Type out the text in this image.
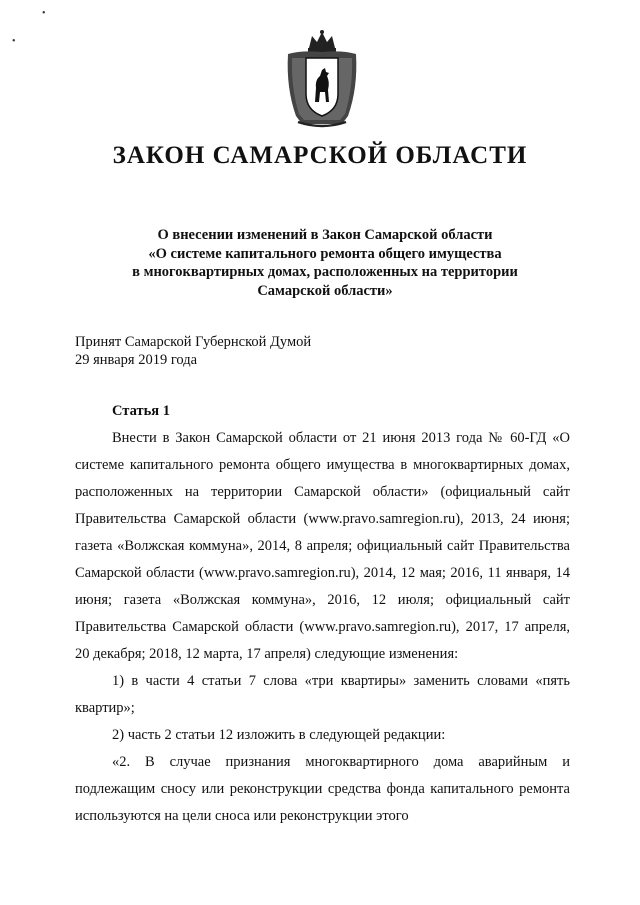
•
•
ЗАКОН САМАРСКОЙ ОБЛАСТИ
О внесении изменений в Закон Самарской области
«О системе капитального ремонта общего имущества
в многоквартирных домах, расположенных на территории
Самарской области»
Принят Самарской Губернской Думой
29 января 2019 года
Статья 1

Внести в Закон Самарской области от 21 июня 2013 года № 60-ГД «О системе капитального ремонта общего имущества в многоквартирных домах, расположенных на территории Самарской области» (официальный сайт Правительства Самарской области (www.pravo.samregion.ru), 2013, 24 июня; газета «Волжская коммуна», 2014, 8 апреля; официальный сайт Правительства Самарской области (www.pravo.samregion.ru), 2014, 12 мая; 2016, 11 января, 14 июня; газета «Волжская коммуна», 2016, 12 июля; официальный сайт Правительства Самарской области (www.pravo.samregion.ru), 2017, 17 апреля, 20 декабря; 2018, 12 марта, 17 апреля) следующие изменения:

1) в части 4 статьи 7 слова «три квартиры» заменить словами «пять квартир»;

2) часть 2 статьи 12 изложить в следующей редакции:

«2. В случае признания многоквартирного дома аварийным и подлежащим сносу или реконструкции средства фонда капитального ремонта используются на цели сноса или реконструкции этого
